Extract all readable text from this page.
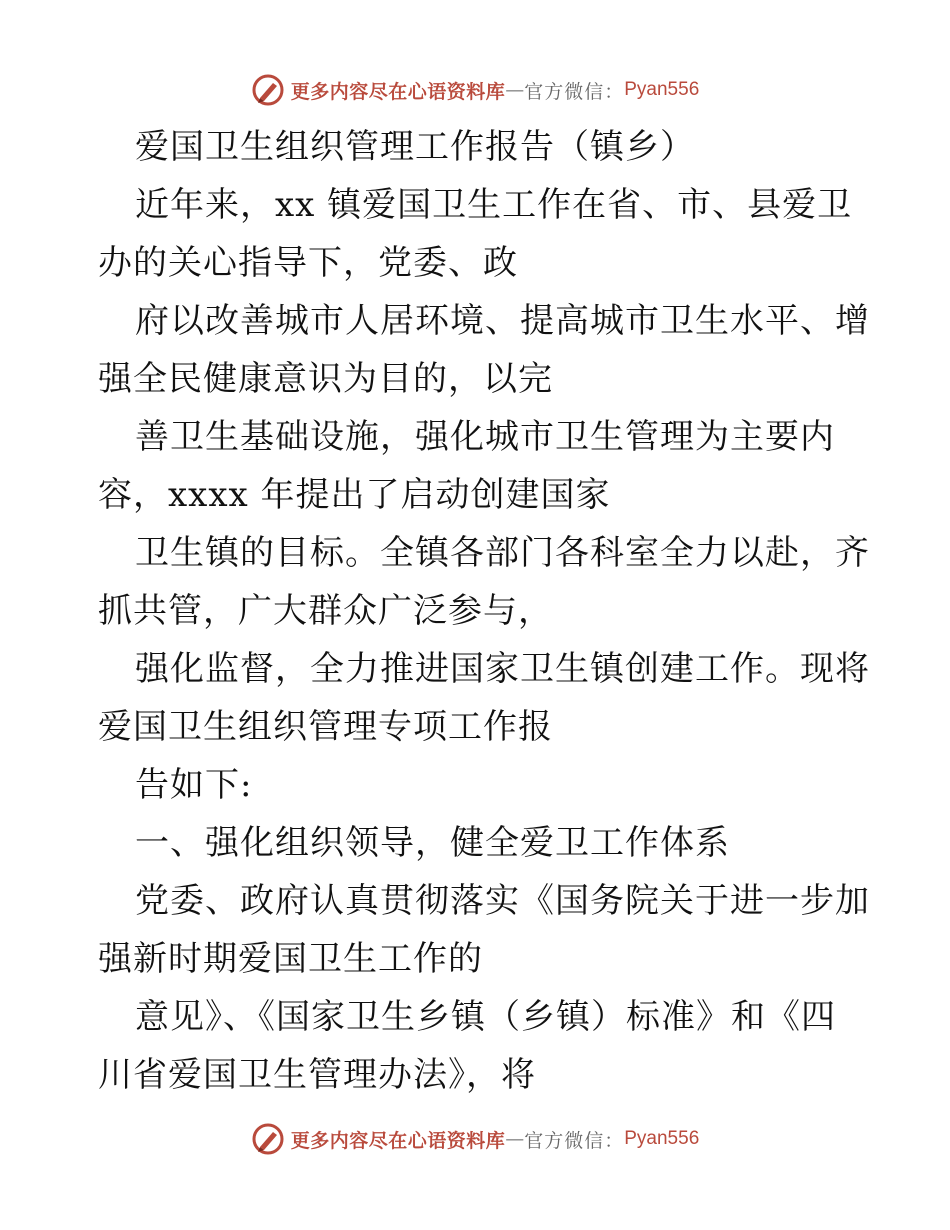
更多内容尽在心语资料库 — 官方微信： Pyan556
爱国卫生组织管理工作报告（镇乡）
近年来，xx 镇爱国卫生工作在省、市、县爱卫
办的关心指导下，党委、政
府以改善城市人居环境、提高城市卫生水平、增
强全民健康意识为目的，以完
善卫生基础设施，强化城市卫生管理为主要内
容，xxxx 年提出了启动创建国家
卫生镇的目标。全镇各部门各科室全力以赴，齐
抓共管，广大群众广泛参与，
强化监督，全力推进国家卫生镇创建工作。现将
爱国卫生组织管理专项工作报
告如下:
一、强化组织领导，健全爱卫工作体系
党委、政府认真贯彻落实《国务院关于进一步加
强新时期爱国卫生工作的
意见》、《国家卫生乡镇（乡镇）标准》和《四
川省爱国卫生管理办法》，将
更多内容尽在心语资料库 — 官方微信： Pyan556
